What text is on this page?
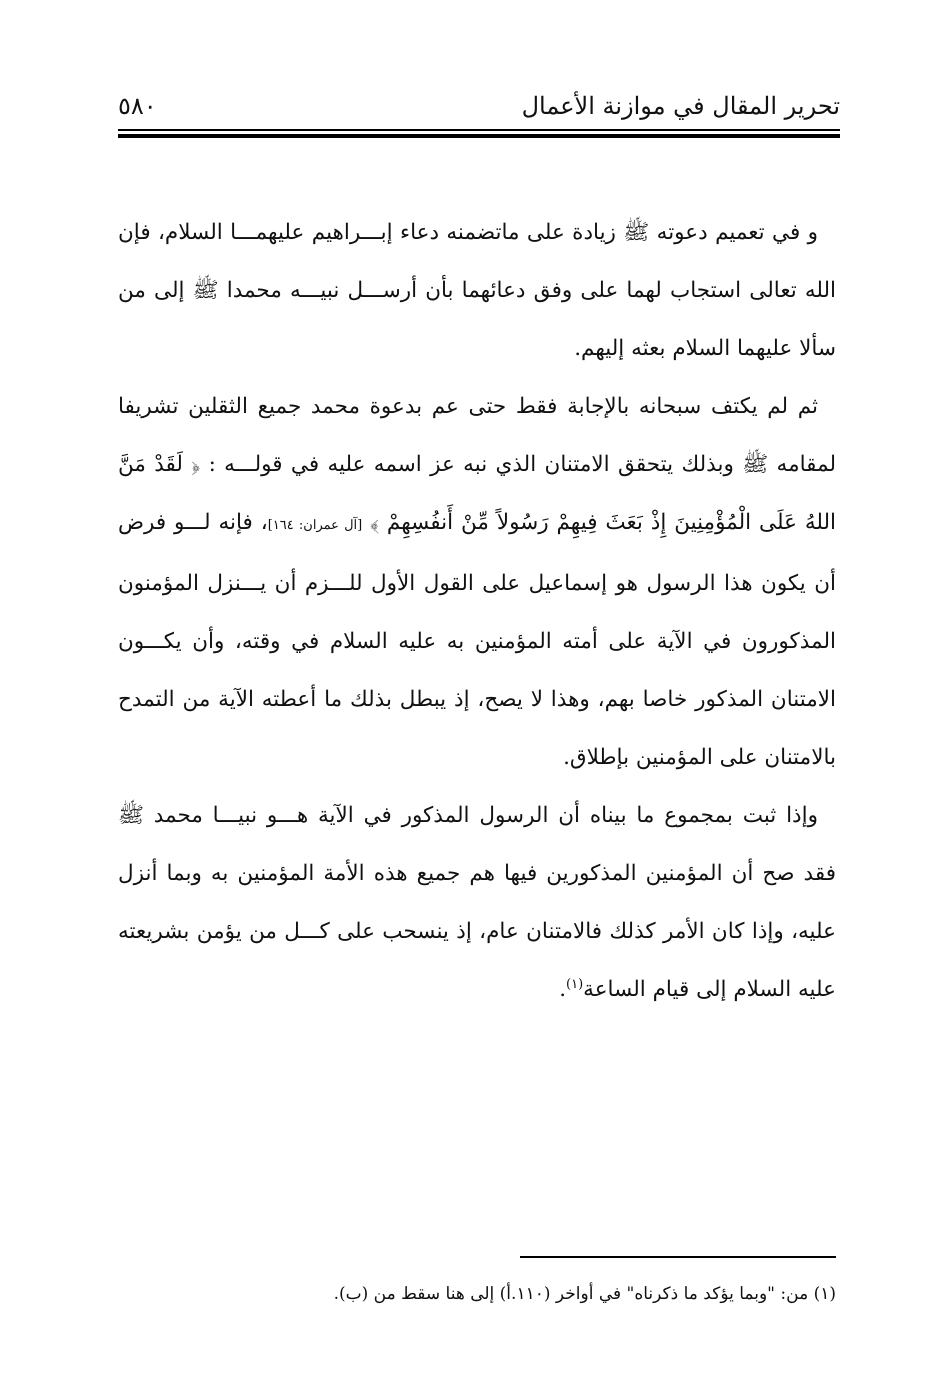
تحرير المقال في موازنة الأعمال
٥٨٠

و في تعميم دعوته ﷺ زيادة على ماتضمنه دعاء إبـــراهيم عليهمـــا السلام، فإن الله تعالى استجاب لهما على وفق دعائهما بأن أرســـل نبيـــه محمدا ﷺ إلى من سألا عليهما السلام بعثه إليهم.

ثم لم يكتف سبحانه بالإجابة فقط حتى عم بدعوة محمد جميع الثقلين تشريفا لمقامه ﷺ وبذلك يتحقق الامتنان الذي نبه عز اسمه عليه في قولـــه : ﴿ لَقَدْ مَنَّ اللهُ عَلَى الْمُؤْمِنِينَ إِذْ بَعَثَ فِيهِمْ رَسُولاً مِّنْ أَنفُسِهِمْ ﴾ [آل عمران: ١٦٤]، فإنه لـــو فرض أن يكون هذا الرسول هو إسماعيل على القول الأول للـــزم أن يـــنزل المؤمنون المذكورون في الآية على أمته المؤمنين به عليه السلام في وقته، وأن يكـــون الامتنان المذكور خاصا بهم، وهذا لا يصح، إذ يبطل بذلك ما أعطته الآية من التمدح بالامتنان على المؤمنين بإطلاق.

وإذا ثبت بمجموع ما بيناه أن الرسول المذكور في الآية هـــو نبيـــا محمد ﷺ فقد صح أن المؤمنين المذكورين فيها هم جميع هذه الأمة المؤمنين به وبما أنزل عليه، وإذا كان الأمر كذلك فالامتنان عام، إذ ينسحب على كـــل من يؤمن بشريعته عليه السلام إلى قيام الساعة$^{(١)}$.

(١) من: "وبما يؤكد ما ذكرناه" في أواخر (١١٠.أ) إلى هنا سقط من (ب).
